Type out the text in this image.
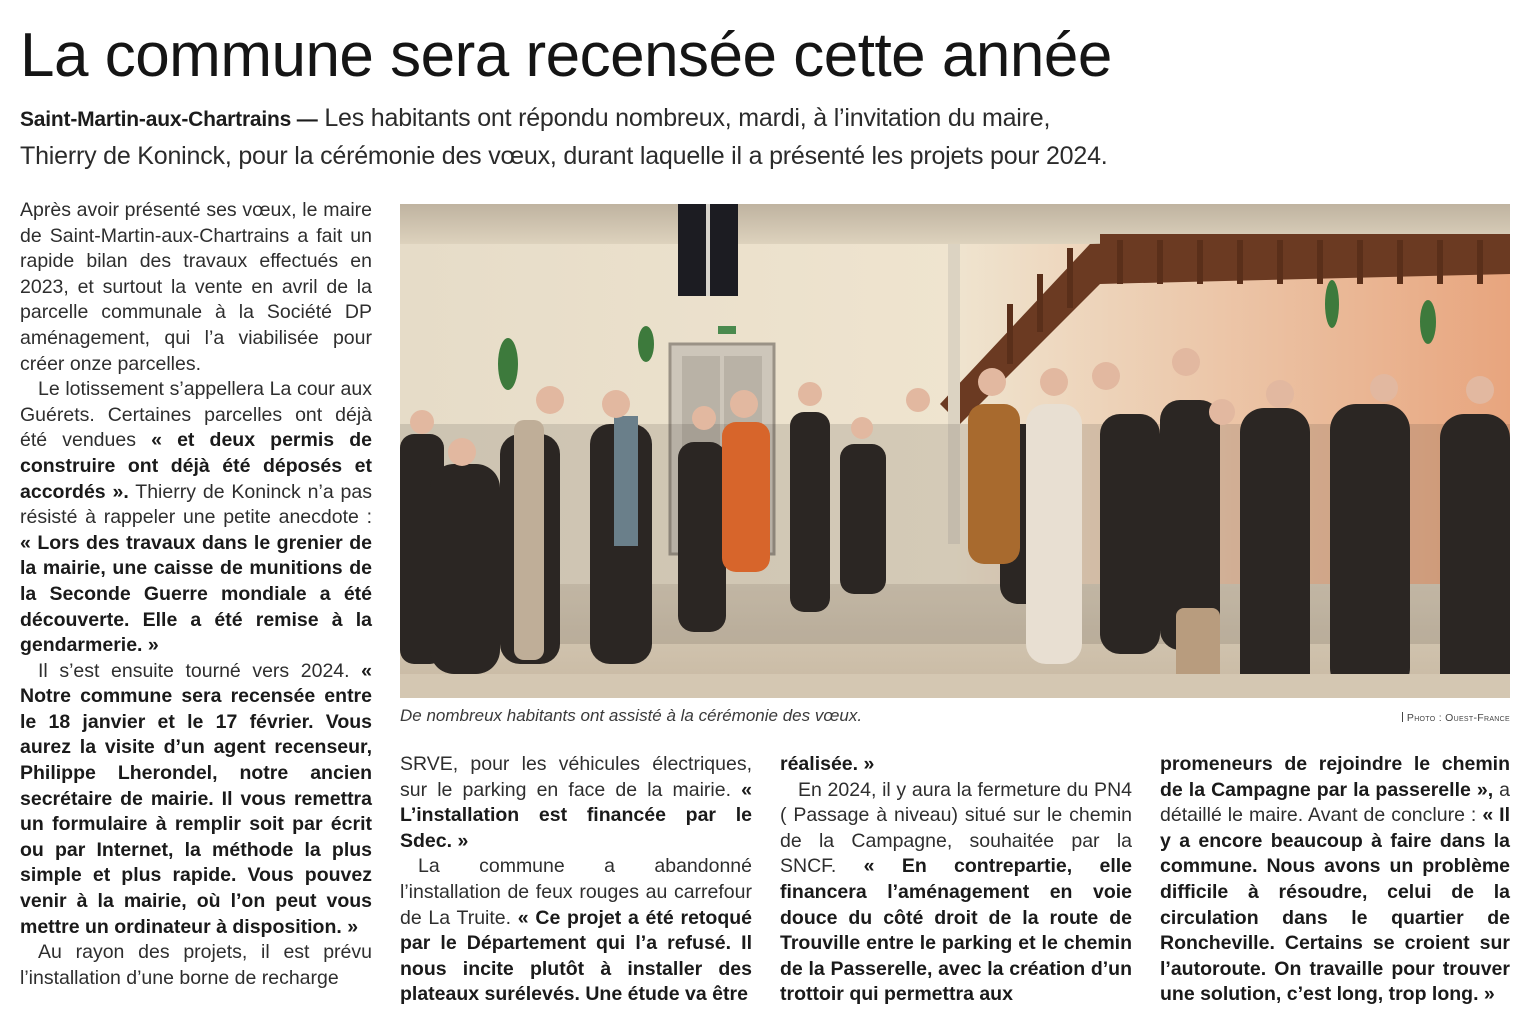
La commune sera recensée cette année
Saint-Martin-aux-Chartrains — Les habitants ont répondu nombreux, mardi, à l’invitation du maire,
Thierry de Koninck, pour la cérémonie des vœux, durant laquelle il a présenté les projets pour 2024.

Après avoir présenté ses vœux, le maire de Saint-Martin-aux-Chartrains a fait un rapide bilan des travaux effectués en 2023, et surtout la vente en avril de la parcelle communale à la Société DP aménagement, qui l’a viabilisée pour créer onze parcelles.

Le lotissement s’appellera La cour aux Guérets. Certaines parcelles ont déjà été vendues « et deux permis de construire ont déjà été déposés et accordés ». Thierry de Koninck n’a pas résisté à rappeler une petite anecdote : « Lors des travaux dans le grenier de la mairie, une caisse de munitions de la Seconde Guerre mondiale a été découverte. Elle a été remise à la gendarmerie. »

Il s’est ensuite tourné vers 2024. « Notre commune sera recensée entre le 18 janvier et le 17 février. Vous aurez la visite d’un agent recenseur, Philippe Lherondel, notre ancien secrétaire de mairie. Il vous remettra un formulaire à remplir soit par écrit ou par Internet, la méthode la plus simple et plus rapide. Vous pouvez venir à la mairie, où l’on peut vous mettre un ordinateur à disposition. »

Au rayon des projets, il est prévu l’installation d’une borne de recharge

De nombreux habitants ont assisté à la cérémonie des vœux.	Photo : Ouest-France

SRVE, pour les véhicules électriques, sur le parking en face de la mairie. « L’installation est financée par le Sdec. »

La commune a abandonné l’installation de feux rouges au carrefour de La Truite. « Ce projet a été retoqué par le Département qui l’a refusé. Il nous incite plutôt à installer des plateaux surélevés. Une étude va être

réalisée. »

En 2024, il y aura la fermeture du PN4 ( Passage à niveau) situé sur le chemin de la Campagne, souhaitée par la SNCF. « En contrepartie, elle financera l’aménagement en voie douce du côté droit de la route de Trouville entre le parking et le chemin de la Passerelle, avec la création d’un trottoir qui permettra aux

promeneurs de rejoindre le chemin de la Campagne par la passerelle », a détaillé le maire. Avant de conclure : « Il y a encore beaucoup à faire dans la commune. Nous avons un problème difficile à résoudre, celui de la circulation dans le quartier de Roncheville. Certains se croient sur l’autoroute. On travaille pour trouver une solution, c’est long, trop long. »
